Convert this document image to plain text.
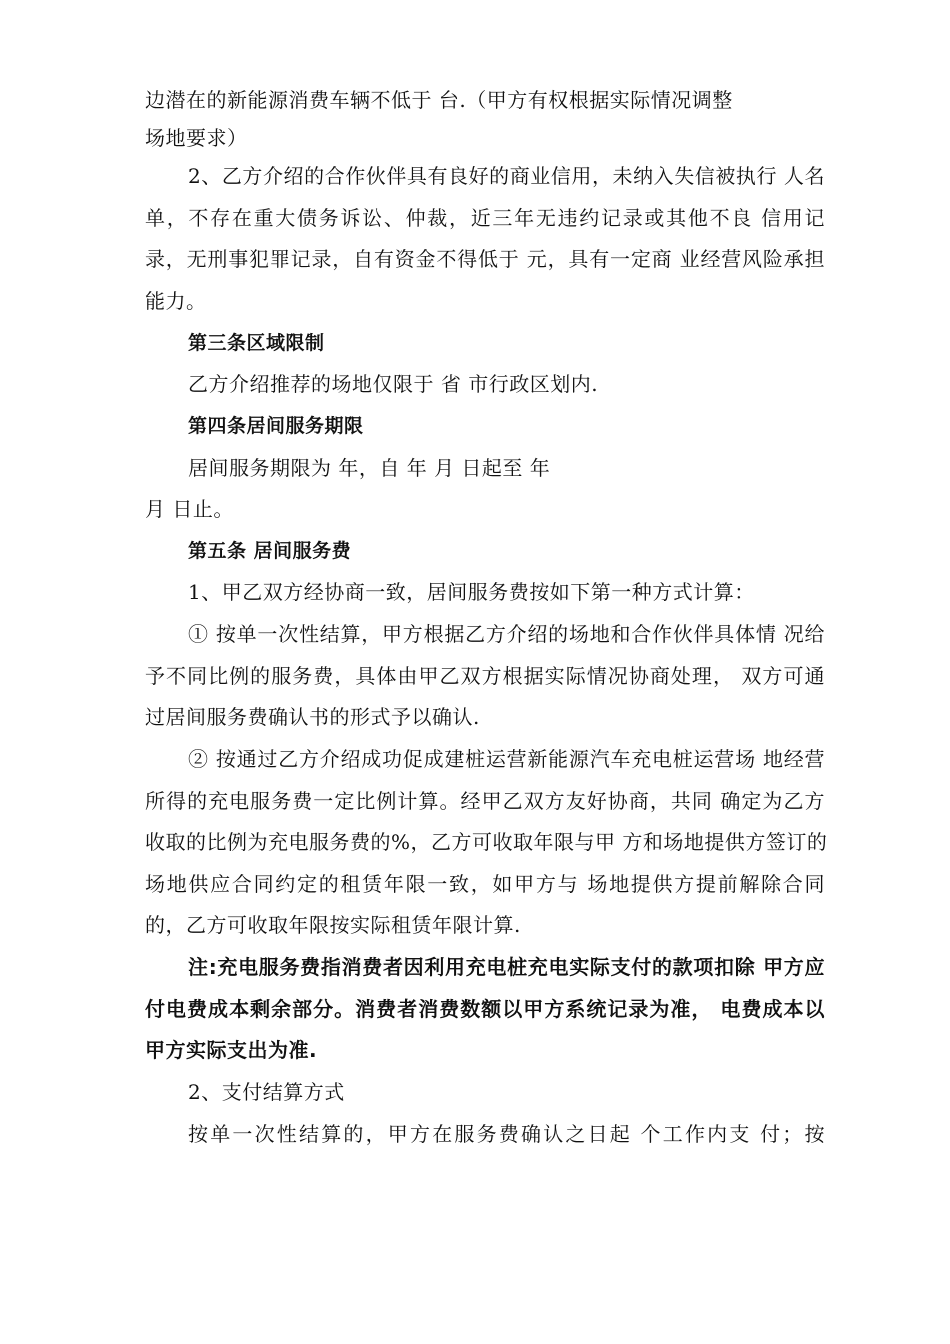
边潜在的新能源消费车辆不低于 台.（甲方有权根据实际情况调整
场地要求）
2、乙方介绍的合作伙伴具有良好的商业信用，未纳入失信被执行 人名
单，不存在重大债务诉讼、仲裁，近三年无违约记录或其他不良 信用记
录，无刑事犯罪记录，自有资金不得低于 元，具有一定商 业经营风险承担
能力。
第三条区域限制
乙方介绍推荐的场地仅限于 省 市行政区划内.
第四条居间服务期限
居间服务期限为 年，自 年 月 日起至 年
月 日止。
第五条 居间服务费
1、甲乙双方经协商一致，居间服务费按如下第一种方式计算：
① 按单一次性结算，甲方根据乙方介绍的场地和合作伙伴具体情 况给
予不同比例的服务费，具体由甲乙双方根据实际情况协商处理， 双方可通
过居间服务费确认书的形式予以确认.
② 按通过乙方介绍成功促成建桩运营新能源汽车充电桩运营场 地经营
所得的充电服务费一定比例计算。经甲乙双方友好协商，共同 确定为乙方
收取的比例为充电服务费的%，乙方可收取年限与甲 方和场地提供方签订的
场地供应合同约定的租赁年限一致，如甲方与 场地提供方提前解除合同
的，乙方可收取年限按实际租赁年限计算.
注:充电服务费指消费者因利用充电桩充电实际支付的款项扣除 甲方应
付电费成本剩余部分。消费者消费数额以甲方系统记录为准， 电费成本以
甲方实际支出为准.
2、支付结算方式
按单一次性结算的，甲方在服务费确认之日起 个工作内支 付；按
